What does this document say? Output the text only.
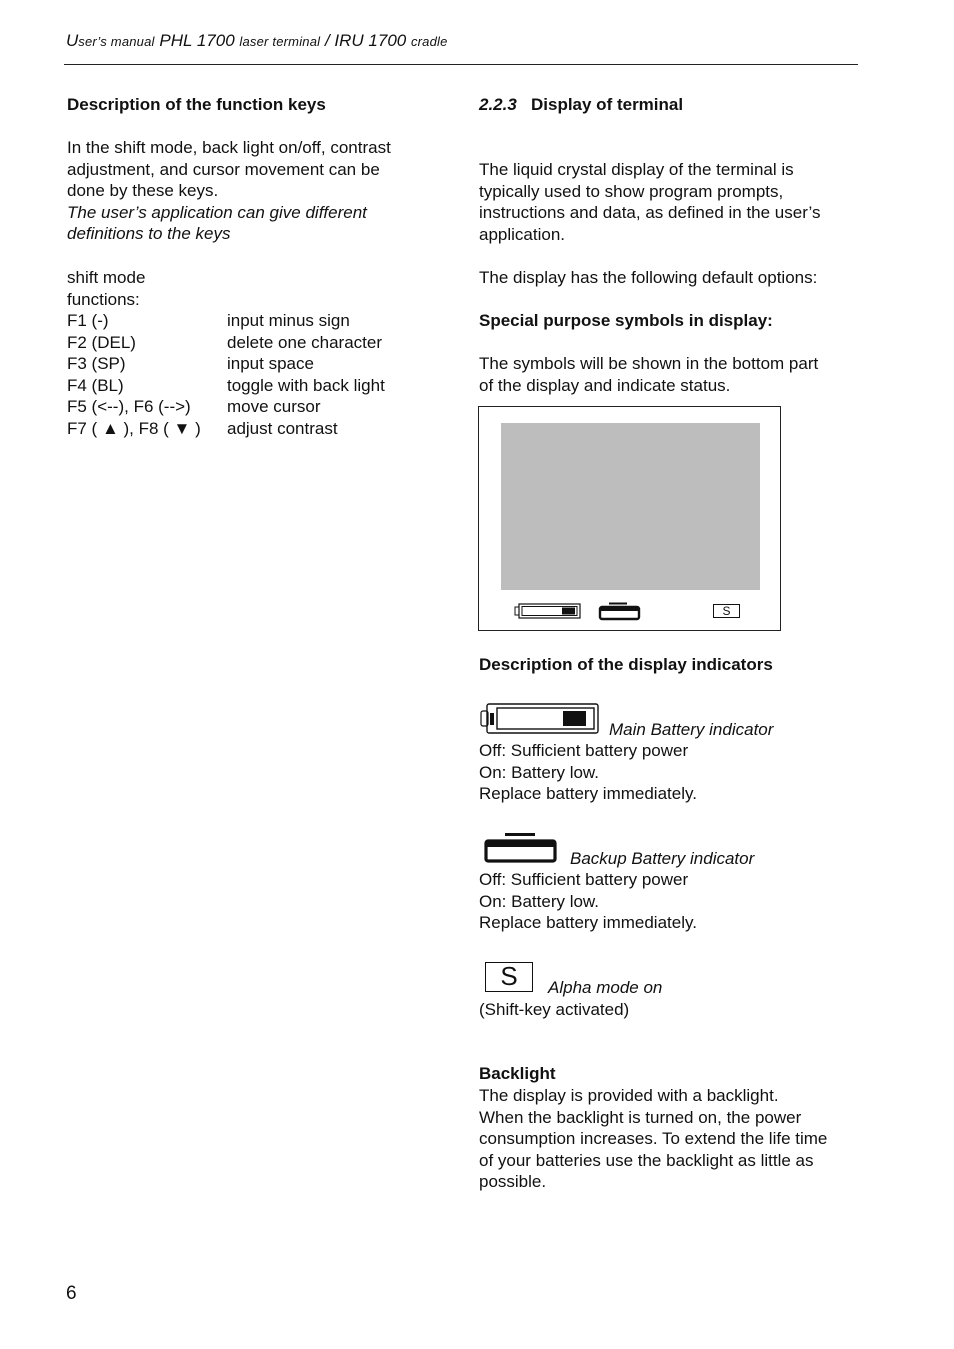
User’s manual PHL 1700 laser terminal / IRU 1700 cradle

Description of the function keys

In the shift mode, back light on/off, contrast

adjustment, and cursor movement can be

done by these keys.

The user’s application can give different

definitions to the keys

shift mode

functions:

F1 (-)	input minus sign
F2 (DEL)	delete one character
F3 (SP)	input space
F4 (BL)	toggle with back light
F5 (<--), F6 (-->) move cursor
F7 ( ▲ ), F8 ( ▼ ) adjust contrast

2.2.3 Display of terminal

The liquid crystal display of the terminal is

typically used to show program prompts,

instructions and data, as defined in the user’s

application.

The display has the following default options:

Special purpose symbols in display:

The symbols will be shown in the bottom part

of the display and indicate status.

S

Description of the display indicators

Main Battery indicator

Off: Sufficient battery power

On: Battery low.

Replace battery immediately.

Backup Battery indicator

Off: Sufficient battery power

On: Battery low.

Replace battery immediately.

S	Alpha mode on

(Shift-key activated)

Backlight

The display is provided with a backlight.

When the backlight is turned on, the power

consumption increases. To extend the life time

of your batteries use the backlight as little as

possible.

6
